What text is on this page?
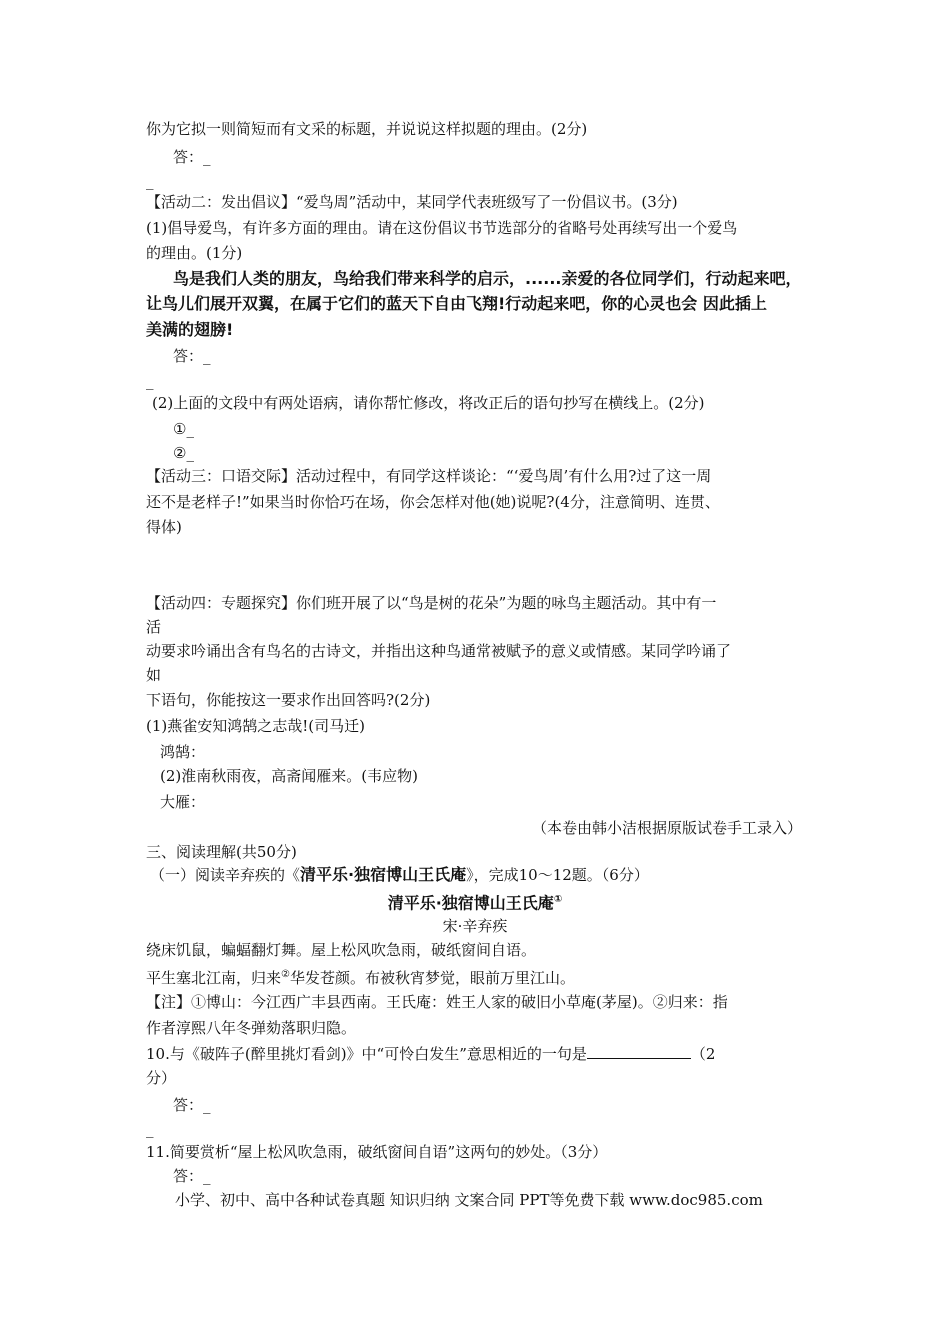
你为它拟一则简短而有文采的标题，并说说这样拟题的理由。(2分)
答：_
_
【活动二：发出倡议】“爱鸟周”活动中，某同学代表班级写了一份倡议书。(3分)
(1)倡导爱鸟，有许多方面的理由。请在这份倡议书节选部分的省略号处再续写出一个爱鸟
的理由。(1分)
鸟是我们人类的朋友，鸟给我们带来科学的启示，......亲爱的各位同学们，行动起来吧，
让鸟儿们展开双翼，在属于它们的蓝天下自由飞翔!行动起来吧，你的心灵也会 因此插上
美满的翅膀!
答：_
_
(2)上面的文段中有两处语病，请你帮忙修改，将改正后的语句抄写在横线上。(2分)
①_
②_
【活动三：口语交际】活动过程中，有同学这样谈论：“‘爱鸟周’有什么用?过了这一周
还不是老样子!”如果当时你恰巧在场，你会怎样对他(她)说呢?(4分，注意简明、连贯、
得体)
【活动四：专题探究】你们班开展了以“鸟是树的花朵”为题的咏鸟主题活动。其中有一
活
动要求吟诵出含有鸟名的古诗文，并指出这种鸟通常被赋予的意义或情感。某同学吟诵了
如
下语句，你能按这一要求作出回答吗?(2分)
(1)燕雀安知鸿鹄之志哉!(司马迁)
鸿鹄：
(2)淮南秋雨夜，高斋闻雁来。(韦应物)
大雁：
（本卷由韩小洁根据原版试卷手工录入）
三、阅读理解(共50分)
（一）阅读辛弃疾的《清平乐·独宿博山王氏庵》，完成10～12题。（6分）
清平乐·独宿博山王氏庵①
宋·辛弃疾
绕床饥鼠，蝙蝠翻灯舞。屋上松风吹急雨，破纸窗间自语。
平生塞北江南，归来②华发苍颜。布被秋宵梦觉，眼前万里江山。
【注】①博山：今江西广丰县西南。王氏庵：姓王人家的破旧小草庵(茅屋)。②归来：指
作者淳熙八年冬弹劾落职归隐。
10.与《破阵子(醉里挑灯看剑)》中“可怜白发生”意思相近的一句是	（2
分）
答：_
_
11.简要赏析“屋上松风吹急雨，破纸窗间自语”这两句的妙处。（3分）
答：_
小学、初中、高中各种试卷真题 知识归纳 文案合同 PPT等免费下载 www.doc985.com
